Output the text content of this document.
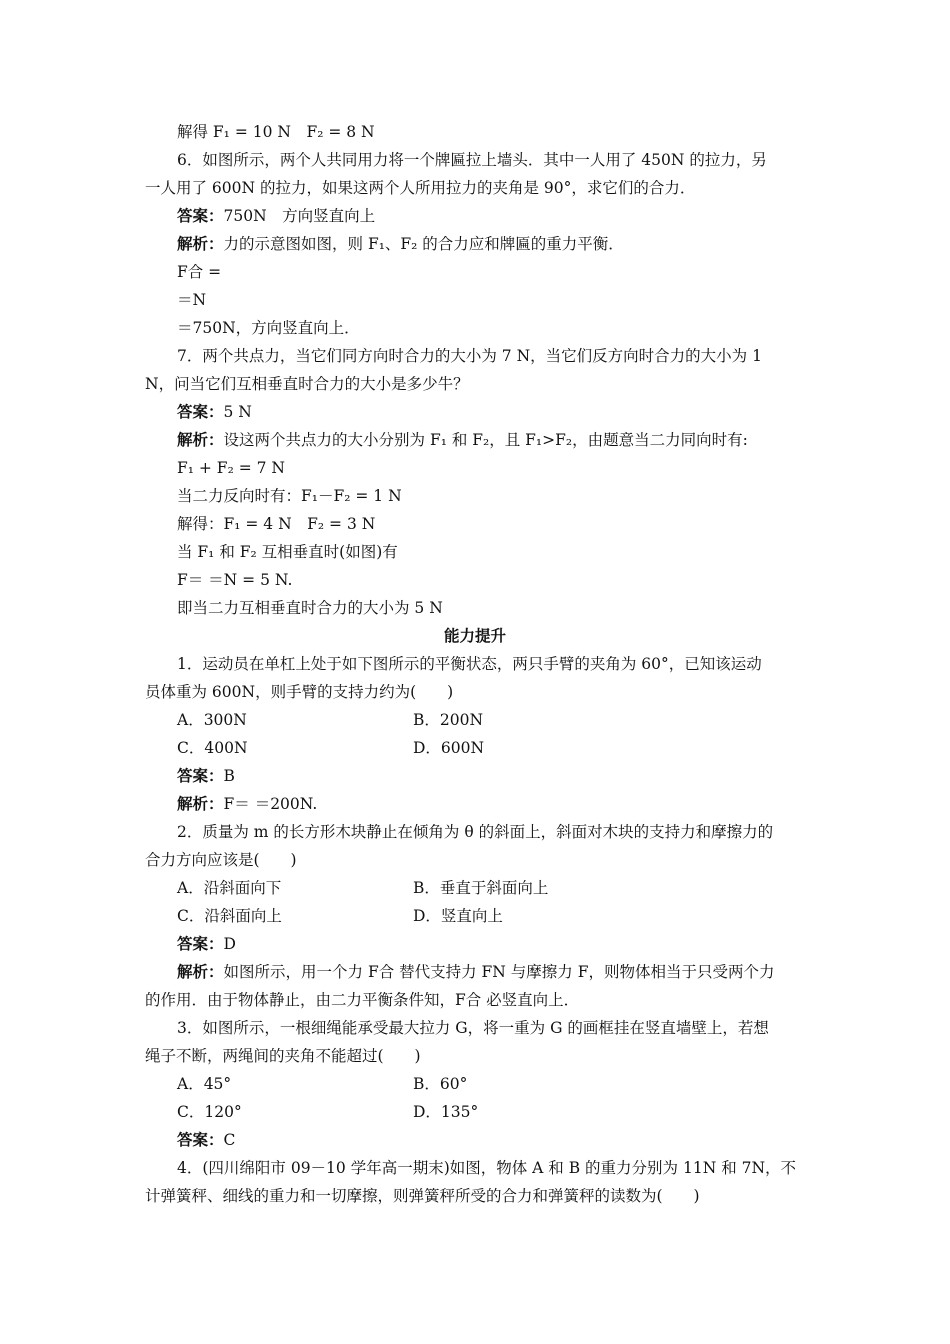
解得 F₁ = 10 N　F₂ = 8 N
6．如图所示，两个人共同用力将一个牌匾拉上墙头．其中一人用了 450N 的拉力，另
一人用了 600N 的拉力，如果这两个人所用拉力的夹角是 90°，求它们的合力．
答案：750N　方向竖直向上
解析：力的示意图如图，则 F₁、F₂ 的合力应和牌匾的重力平衡．
F合 =
＝N
＝750N，方向竖直向上．
7．两个共点力，当它们同方向时合力的大小为 7 N，当它们反方向时合力的大小为 1
N，问当它们互相垂直时合力的大小是多少牛？
答案：5 N
解析：设这两个共点力的大小分别为 F₁ 和 F₂，且 F₁>F₂，由题意当二力同向时有:
F₁ + F₂ = 7 N
当二力反向时有：F₁－F₂ = 1 N
解得：F₁ = 4 N　F₂ = 3 N
当 F₁ 和 F₂ 互相垂直时(如图)有
F＝ ＝N = 5 N.
即当二力互相垂直时合力的大小为 5 N
能力提升
1．运动员在单杠上处于如下图所示的平衡状态，两只手臂的夹角为 60°，已知该运动
员体重为 600N，则手臂的支持力约为(　　)
A．300N	B．200N
C．400N	D．600N
答案：B
解析：F＝ ＝200N.
2．质量为 m 的长方形木块静止在倾角为 θ 的斜面上，斜面对木块的支持力和摩擦力的
合力方向应该是(　　)
A．沿斜面向下	B．垂直于斜面向上
C．沿斜面向上	D．竖直向上
答案：D
解析：如图所示，用一个力 F合 替代支持力 FN 与摩擦力 F，则物体相当于只受两个力
的作用．由于物体静止，由二力平衡条件知，F合 必竖直向上．
3．如图所示，一根细绳能承受最大拉力 G，将一重为 G 的画框挂在竖直墙壁上，若想
绳子不断，两绳间的夹角不能超过(　　)
A．45°	B．60°
C．120°	D．135°
答案：C
4．(四川绵阳市 09－10 学年高一期末)如图，物体 A 和 B 的重力分别为 11N 和 7N，不
计弹簧秤、细线的重力和一切摩擦，则弹簧秤所受的合力和弹簧秤的读数为(　　)
